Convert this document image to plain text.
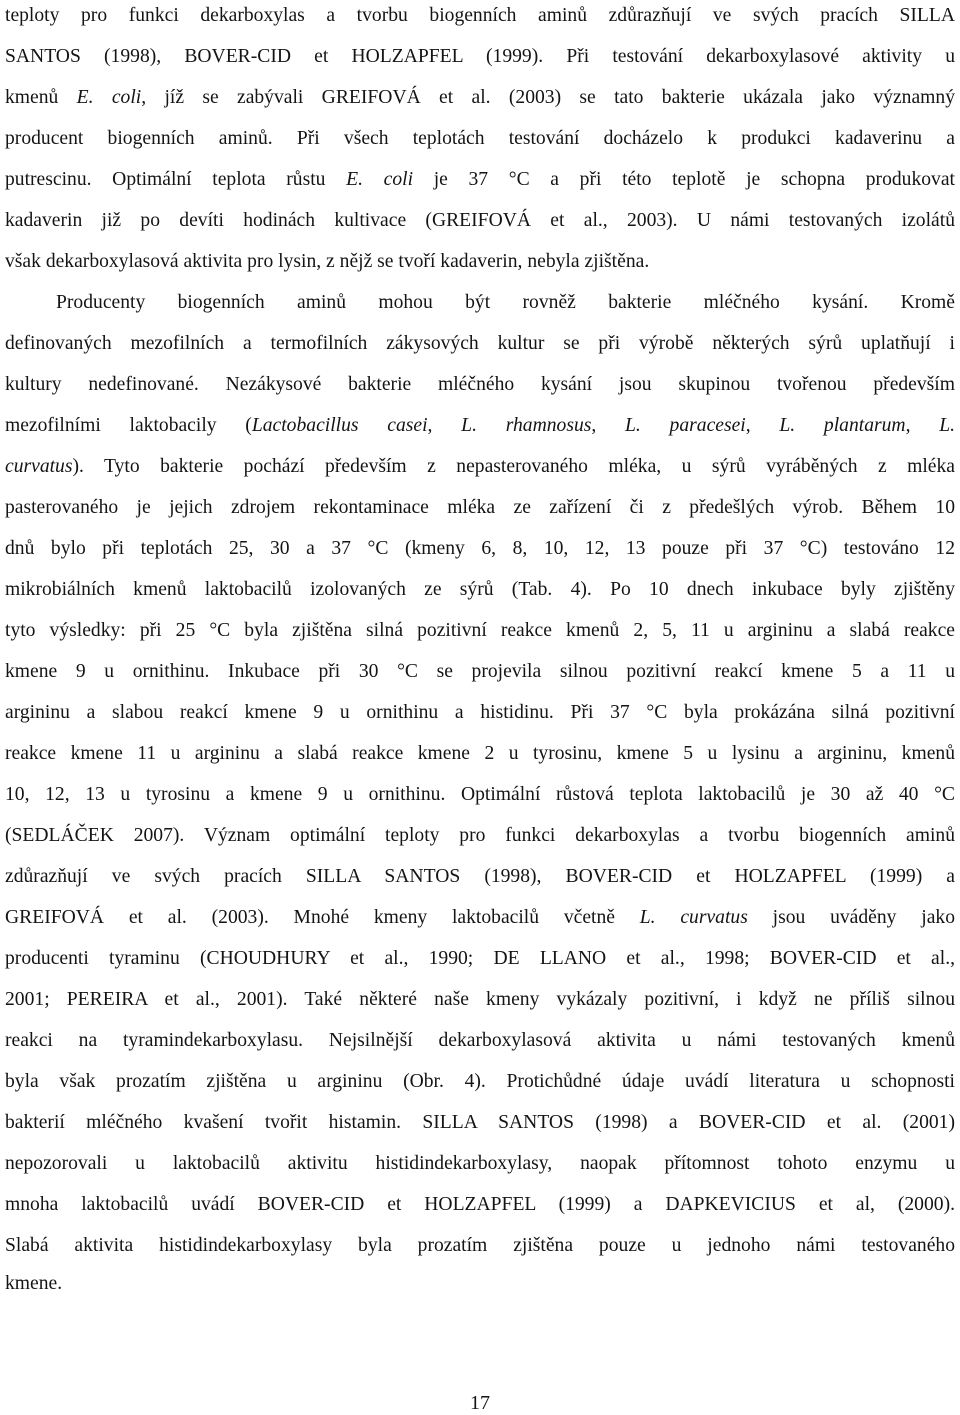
teploty pro funkci dekarboxylas a tvorbu biogenních aminů zdůrazňují ve svých pracích SILLA
SANTOS (1998), BOVER-CID et HOLZAPFEL (1999). Při testování dekarboxylasové aktivity u
kmenů E. coli, jíž se zabývali GREIFOVÁ et al. (2003) se tato bakterie ukázala jako významný
producent biogenních aminů. Při všech teplotách testování docházelo k produkci kadaverinu a
putrescinu. Optimální teplota růstu E. coli je 37 °C a při této teplotě je schopna produkovat
kadaverin již po devíti hodinách kultivace (GREIFOVÁ et al., 2003). U námi testovaných izolátů
však dekarboxylasová aktivita pro lysin, z nějž se tvoří kadaverin, nebyla zjištěna.
Producenty biogenních aminů mohou být rovněž bakterie mléčného kysání. Kromě
definovaných mezofilních a termofilních zákysových kultur se při výrobě některých sýrů uplatňují i
kultury nedefinované. Nezákysové bakterie mléčného kysání jsou skupinou tvořenou především
mezofilními laktobacily (Lactobacillus casei, L. rhamnosus, L. paracesei, L. plantarum, L.
curvatus). Tyto bakterie pochází především z nepasterovaného mléka, u sýrů vyráběných z mléka
pasterovaného je jejich zdrojem rekontaminace mléka ze zařízení či z předešlých výrob. Během 10
dnů bylo při teplotách 25, 30 a 37 °C (kmeny 6, 8, 10, 12, 13 pouze při 37 °C) testováno 12
mikrobiálních kmenů laktobacilů izolovaných ze sýrů (Tab. 4). Po 10 dnech inkubace byly zjištěny
tyto výsledky: při 25 °C byla zjištěna silná pozitivní reakce kmenů 2, 5, 11 u argininu a slabá reakce
kmene 9 u ornithinu. Inkubace při 30 °C se projevila silnou pozitivní reakcí kmene 5 a 11 u
argininu a slabou reakcí kmene 9 u ornithinu a histidinu. Při 37 °C byla prokázána silná pozitivní
reakce kmene 11 u argininu a slabá reakce kmene 2 u tyrosinu, kmene 5 u lysinu a argininu, kmenů
10, 12, 13 u tyrosinu a kmene 9 u ornithinu. Optimální růstová teplota laktobacilů je 30 až 40 °C
(SEDLÁČEK 2007). Význam optimální teploty pro funkci dekarboxylas a tvorbu biogenních aminů
zdůrazňují ve svých pracích SILLA SANTOS (1998), BOVER-CID et HOLZAPFEL (1999) a
GREIFOVÁ et al. (2003). Mnohé kmeny laktobacilů včetně L. curvatus jsou uváděny jako
producenti tyraminu (CHOUDHURY et al., 1990; DE LLANO et al., 1998; BOVER-CID et al.,
2001; PEREIRA et al., 2001). Také některé naše kmeny vykázaly pozitivní, i když ne příliš silnou
reakci na tyramindekarboxylasu. Nejsilnější dekarboxylasová aktivita u námi testovaných kmenů
byla však prozatím zjištěna u argininu (Obr. 4). Protichůdné údaje uvádí literatura u schopnosti
bakterií mléčného kvašení tvořit histamin. SILLA SANTOS (1998) a BOVER-CID et al. (2001)
nepozorovali u laktobacilů aktivitu histidindekarboxylasy, naopak přítomnost tohoto enzymu u
mnoha laktobacilů uvádí BOVER-CID et HOLZAPFEL (1999) a DAPKEVICIUS et al, (2000).
Slabá aktivita histidindekarboxylasy byla prozatím zjištěna pouze u jednoho námi testovaného
kmene.
17
